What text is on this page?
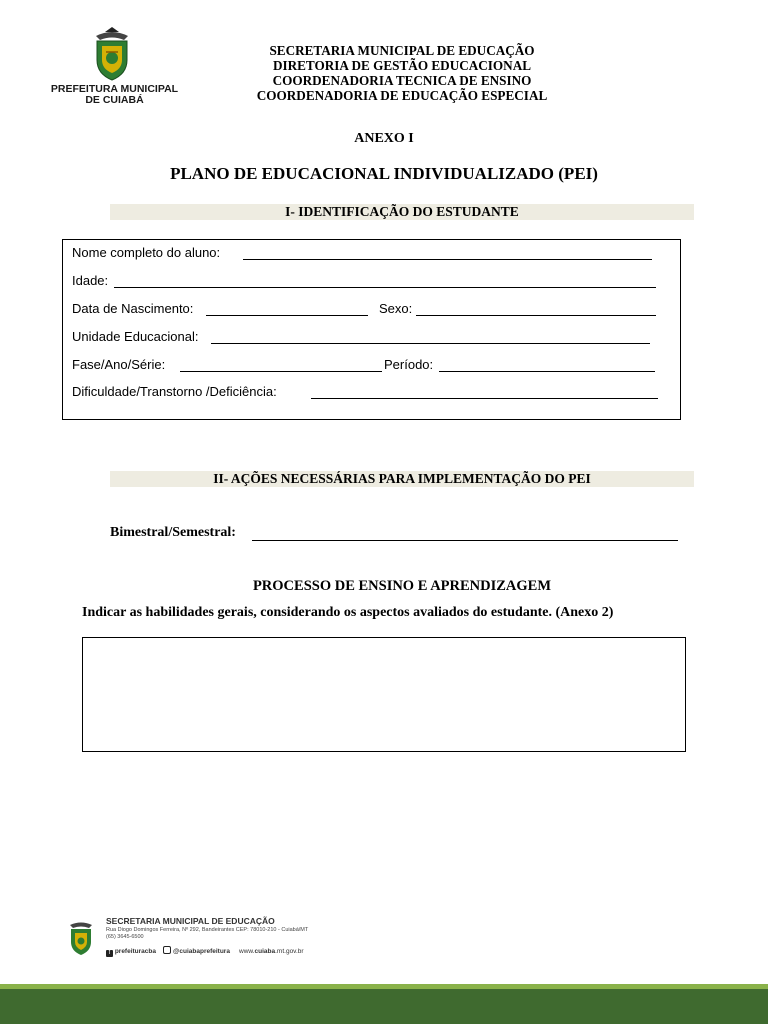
PREFEITURA MUNICIPAL
DE CUIABÁ
SECRETARIA MUNICIPAL DE EDUCAÇÃO
DIRETORIA DE GESTÃO EDUCACIONAL
COORDENADORIA TECNICA DE ENSINO
COORDENADORIA DE EDUCAÇÃO ESPECIAL
ANEXO I
PLANO DE EDUCACIONAL INDIVIDUALIZADO (PEI)
I- IDENTIFICAÇÃO DO ESTUDANTE
Nome completo do aluno:
Idade:
Data de Nascimento:	Sexo:
Unidade Educacional:
Fase/Ano/Série:	Período:
Dificuldade/Transtorno /Deficiência:
II- AÇÕES NECESSÁRIAS PARA IMPLEMENTAÇÃO DO PEI
Bimestral/Semestral:
PROCESSO DE ENSINO E APRENDIZAGEM
Indicar as habilidades gerais, considerando os aspectos avaliados do estudante. (Anexo 2)
SECRETARIA MUNICIPAL DE EDUCAÇÃO
Rua Diogo Domingos Ferreira, Nº 292, Bandeirantes CEP: 78010-210 - Cuiabá/MT
(65) 3645-6500
f prefeituracba	@cuiabaprefeitura www.cuiaba.mt.gov.br
